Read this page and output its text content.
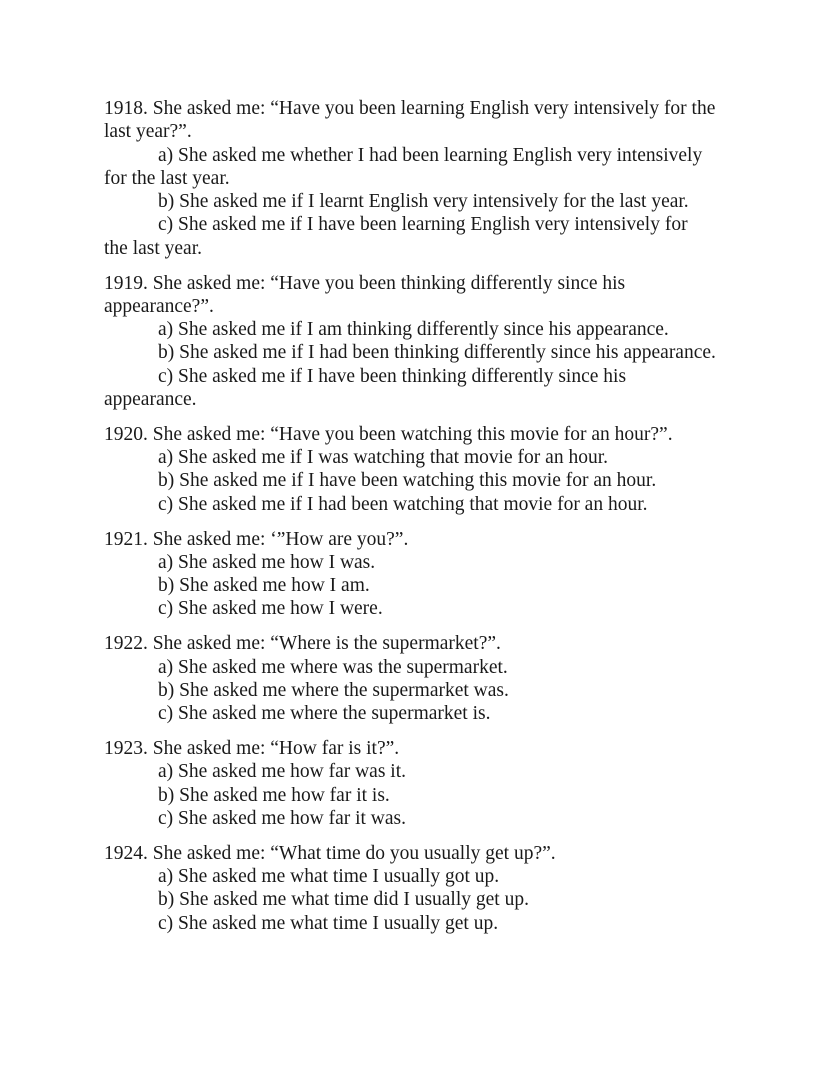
1918. She asked me: “Have you been learning English very intensively for the last year?”.

a) She asked me whether I had been learning English very intensively for the last year.

b) She asked me if I learnt English very intensively for the last year.

c) She asked me if I have been learning English very intensively for the last year.

1919. She asked me: “Have you been thinking differently since his appearance?”.

a) She asked me if I am thinking differently since his appearance.

b) She asked me if I had been thinking differently since his appearance.

c) She asked me if I have been thinking differently since his appearance.

1920. She asked me: “Have you been watching this movie for an hour?”.

a) She asked me if I was watching that movie for an hour.

b) She asked me if I have been watching this movie for an hour.

c) She asked me if I had been watching that movie for an hour.

1921. She asked me: ‘”How are you?”.

a) She asked me how I was.

b) She asked me how I am.

c) She asked me how I were.

1922. She asked me: “Where is the supermarket?”.

a) She asked me where was the supermarket.

b) She asked me where the supermarket was.

c) She asked me where the supermarket is.

1923. She asked me: “How far is it?”.

a) She asked me how far was it.

b) She asked me how far it is.

c) She asked me how far it was.

1924. She asked me: “What time do you usually get up?”.

a) She asked me what time I usually got up.

b) She asked me what time did I usually get up.

c) She asked me what time I usually get up.
